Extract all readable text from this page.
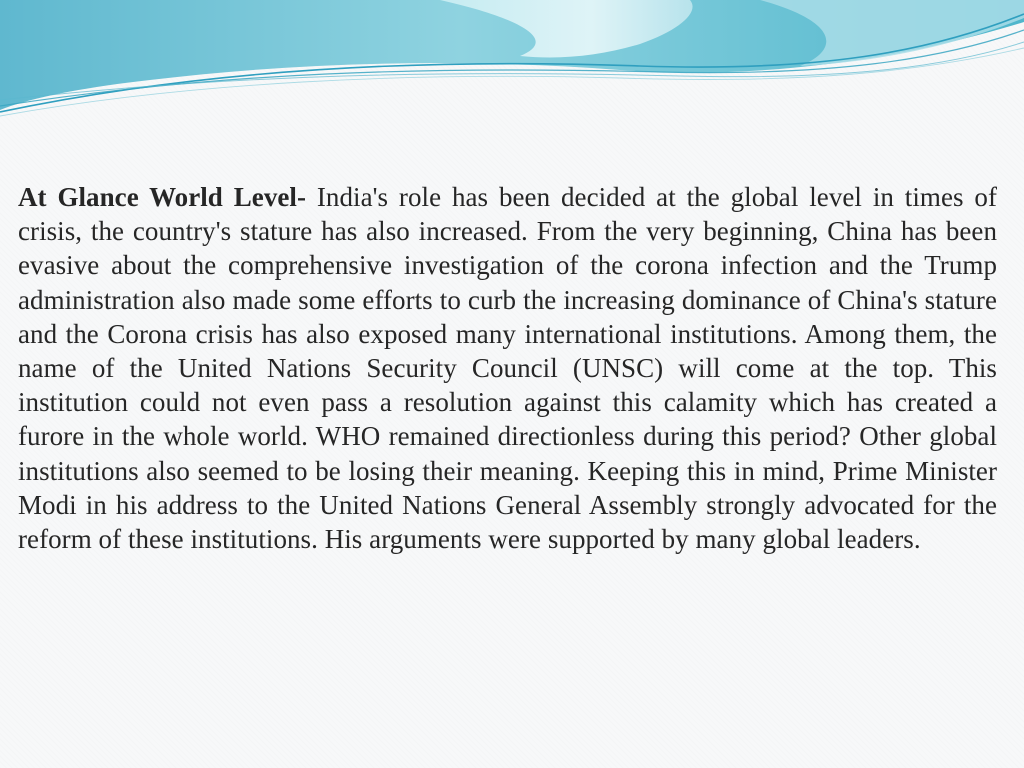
At Glance World Level- India's role has been decided at the global level in times of crisis, the country's stature has also increased. From the very beginning, China has been evasive about the comprehensive investigation of the corona infection and the Trump administration also made some efforts to curb the increasing dominance of China's stature and the Corona crisis has also exposed many international institutions. Among them, the name of the United Nations Security Council (UNSC) will come at the top. This institution could not even pass a resolution against this calamity which has created a furore in the whole world. WHO remained directionless during this period? Other global institutions also seemed to be losing their meaning. Keeping this in mind, Prime Minister Modi in his address to the United Nations General Assembly strongly advocated for the reform of these institutions. His arguments were supported by many global leaders.
